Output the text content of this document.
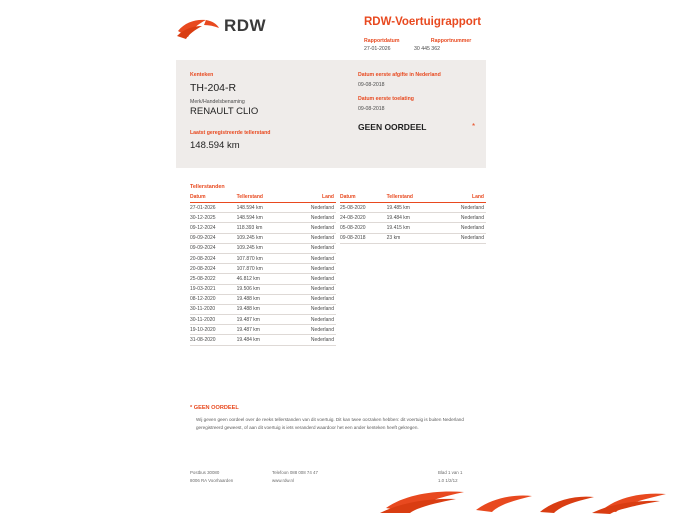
RDW	RDW-Voertuigrapport
Rapportdatum	Rapportnummer
27-01-2026	30 445 362
Kenteken
TH-204-R
Merk/Handelsbenaming
RENAULT CLIO
Laatst geregistreerde tellerstand
148.594 km
Datum eerste afgifte in Nederland
09-08-2018
Datum eerste toelating
09-08-2018
GEEN OORDEEL	*
Tellerstanden
Datum	Tellerstand	Land
27-01-2026	148.594 km	Nederland
30-12-2025	148.594 km	Nederland
09-12-2024	118.393 km	Nederland
09-09-2024	109.245 km	Nederland
09-09-2024	109.245 km	Nederland
20-08-2024	107.870 km	Nederland
20-08-2024	107.870 km	Nederland
25-08-2022	46.812 km	Nederland
19-03-2021	19.506 km	Nederland
08-12-2020	19.488 km	Nederland
30-11-2020	19.488 km	Nederland
30-11-2020	19.487 km	Nederland
19-10-2020	19.487 km	Nederland
31-08-2020	19.484 km	Nederland
Datum	Tellerstand	Land
25-08-2020	19.485 km	Nederland
24-08-2020	19.484 km	Nederland
05-08-2020	19.415 km	Nederland
09-08-2018	23 km	Nederland
* GEEN OORDEEL
Wij geven geen oordeel over de reeks tellerstanden van dit voertuig. Dit kan twee oorzaken hebben: dit voertuig is buiten Nederland geregistreerd geweest, of aan dit voertuig is iets veranderd waardoor het een ander kenteken heeft gekregen.
Postbus 30080
8006 RA Voorhaarden
Telefoon 088 008 74 47
www.rdw.nl
Blad 1 van 1
1.0 1/2/12
